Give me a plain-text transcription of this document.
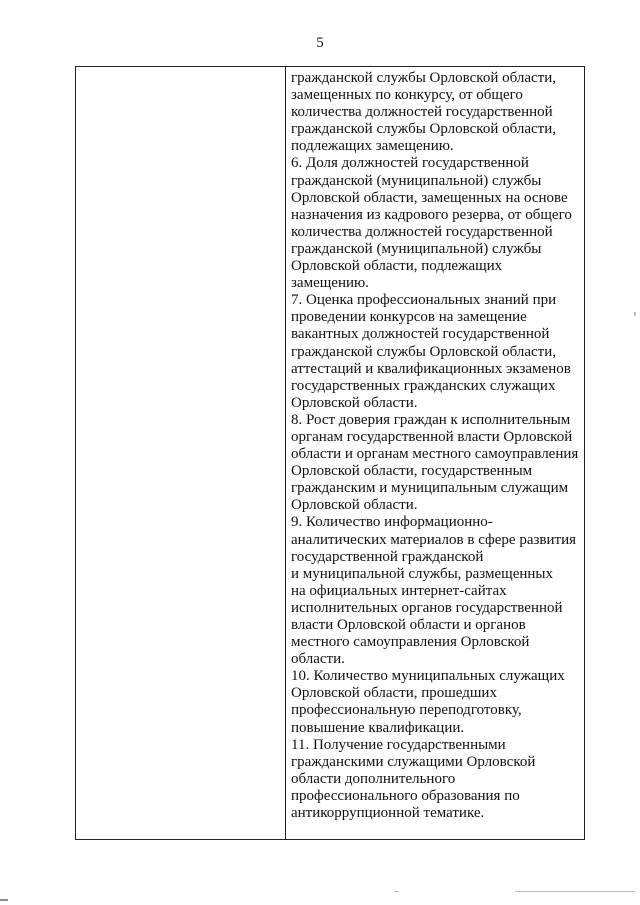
5
гражданской службы Орловской области,
замещенных по конкурсу, от общего
количества должностей государственной
гражданской службы Орловской области,
подлежащих замещению.
6. Доля должностей государственной
гражданской (муниципальной) службы
Орловской области, замещенных на основе
назначения из кадрового резерва, от общего
количества должностей государственной
гражданской (муниципальной) службы
Орловской области, подлежащих
замещению.
7. Оценка профессиональных знаний при
проведении конкурсов на замещение
вакантных должностей государственной
гражданской службы Орловской области,
аттестаций и квалификационных экзаменов
государственных гражданских служащих
Орловской области.
8. Рост доверия граждан к исполнительным
органам государственной власти Орловской
области и органам местного самоуправления
Орловской области, государственным
гражданским и муниципальным служащим
Орловской области.
9. Количество информационно-
аналитических материалов в сфере развития
государственной гражданской
и муниципальной службы, размещенных
на официальных интернет-сайтах
исполнительных органов государственной
власти Орловской области и органов
местного самоуправления Орловской
области.
10. Количество муниципальных служащих
Орловской области, прошедших
профессиональную переподготовку,
повышение квалификации.
11. Получение государственными
гражданскими служащими Орловской
области дополнительного
профессионального образования по
антикоррупционной тематике.
